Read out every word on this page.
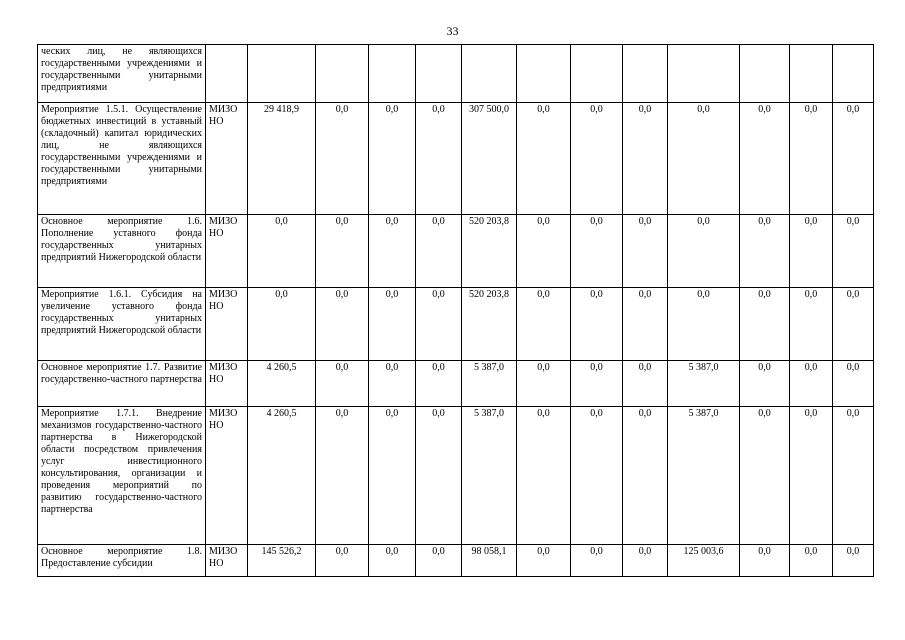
33
ческих лиц, не являющихся государственными учреждениями и государственными унитарными предприятиями													
Мероприятие 1.5.1. Осуществление бюджетных инвестиций в уставный (складочный) капитал юридических лиц, не являющихся государственными учреждениями и государственными унитарными предприятиями	МИЗО НО	29 418,9	0,0	0,0	0,0	307 500,0	0,0	0,0	0,0	0,0	0,0	0,0	0,0
Основное мероприятие 1.6. Пополнение уставного фонда государственных унитарных предприятий Нижегородской области	МИЗО НО	0,0	0,0	0,0	0,0	520 203,8	0,0	0,0	0,0	0,0	0,0	0,0	0,0
Мероприятие 1.6.1. Субсидия на увеличение уставного фонда государственных унитарных предприятий Нижегородской области	МИЗО НО	0,0	0,0	0,0	0,0	520 203,8	0,0	0,0	0,0	0,0	0,0	0,0	0,0
Основное мероприятие 1.7. Развитие государственно-частного партнерства	МИЗО НО	4 260,5	0,0	0,0	0,0	5 387,0	0,0	0,0	0,0	5 387,0	0,0	0,0	0,0
Мероприятие 1.7.1. Внедрение механизмов государственно-частного партнерства в Нижегородской области посредством привлечения услуг инвестиционного консультирования, организации и проведения мероприятий по развитию государственно-частного партнерства	МИЗО НО	4 260,5	0,0	0,0	0,0	5 387,0	0,0	0,0	0,0	5 387,0	0,0	0,0	0,0
Основное мероприятие 1.8. Предоставление субсидии	МИЗО НО	145 526,2	0,0	0,0	0,0	98 058,1	0,0	0,0	0,0	125 003,6	0,0	0,0	0,0
